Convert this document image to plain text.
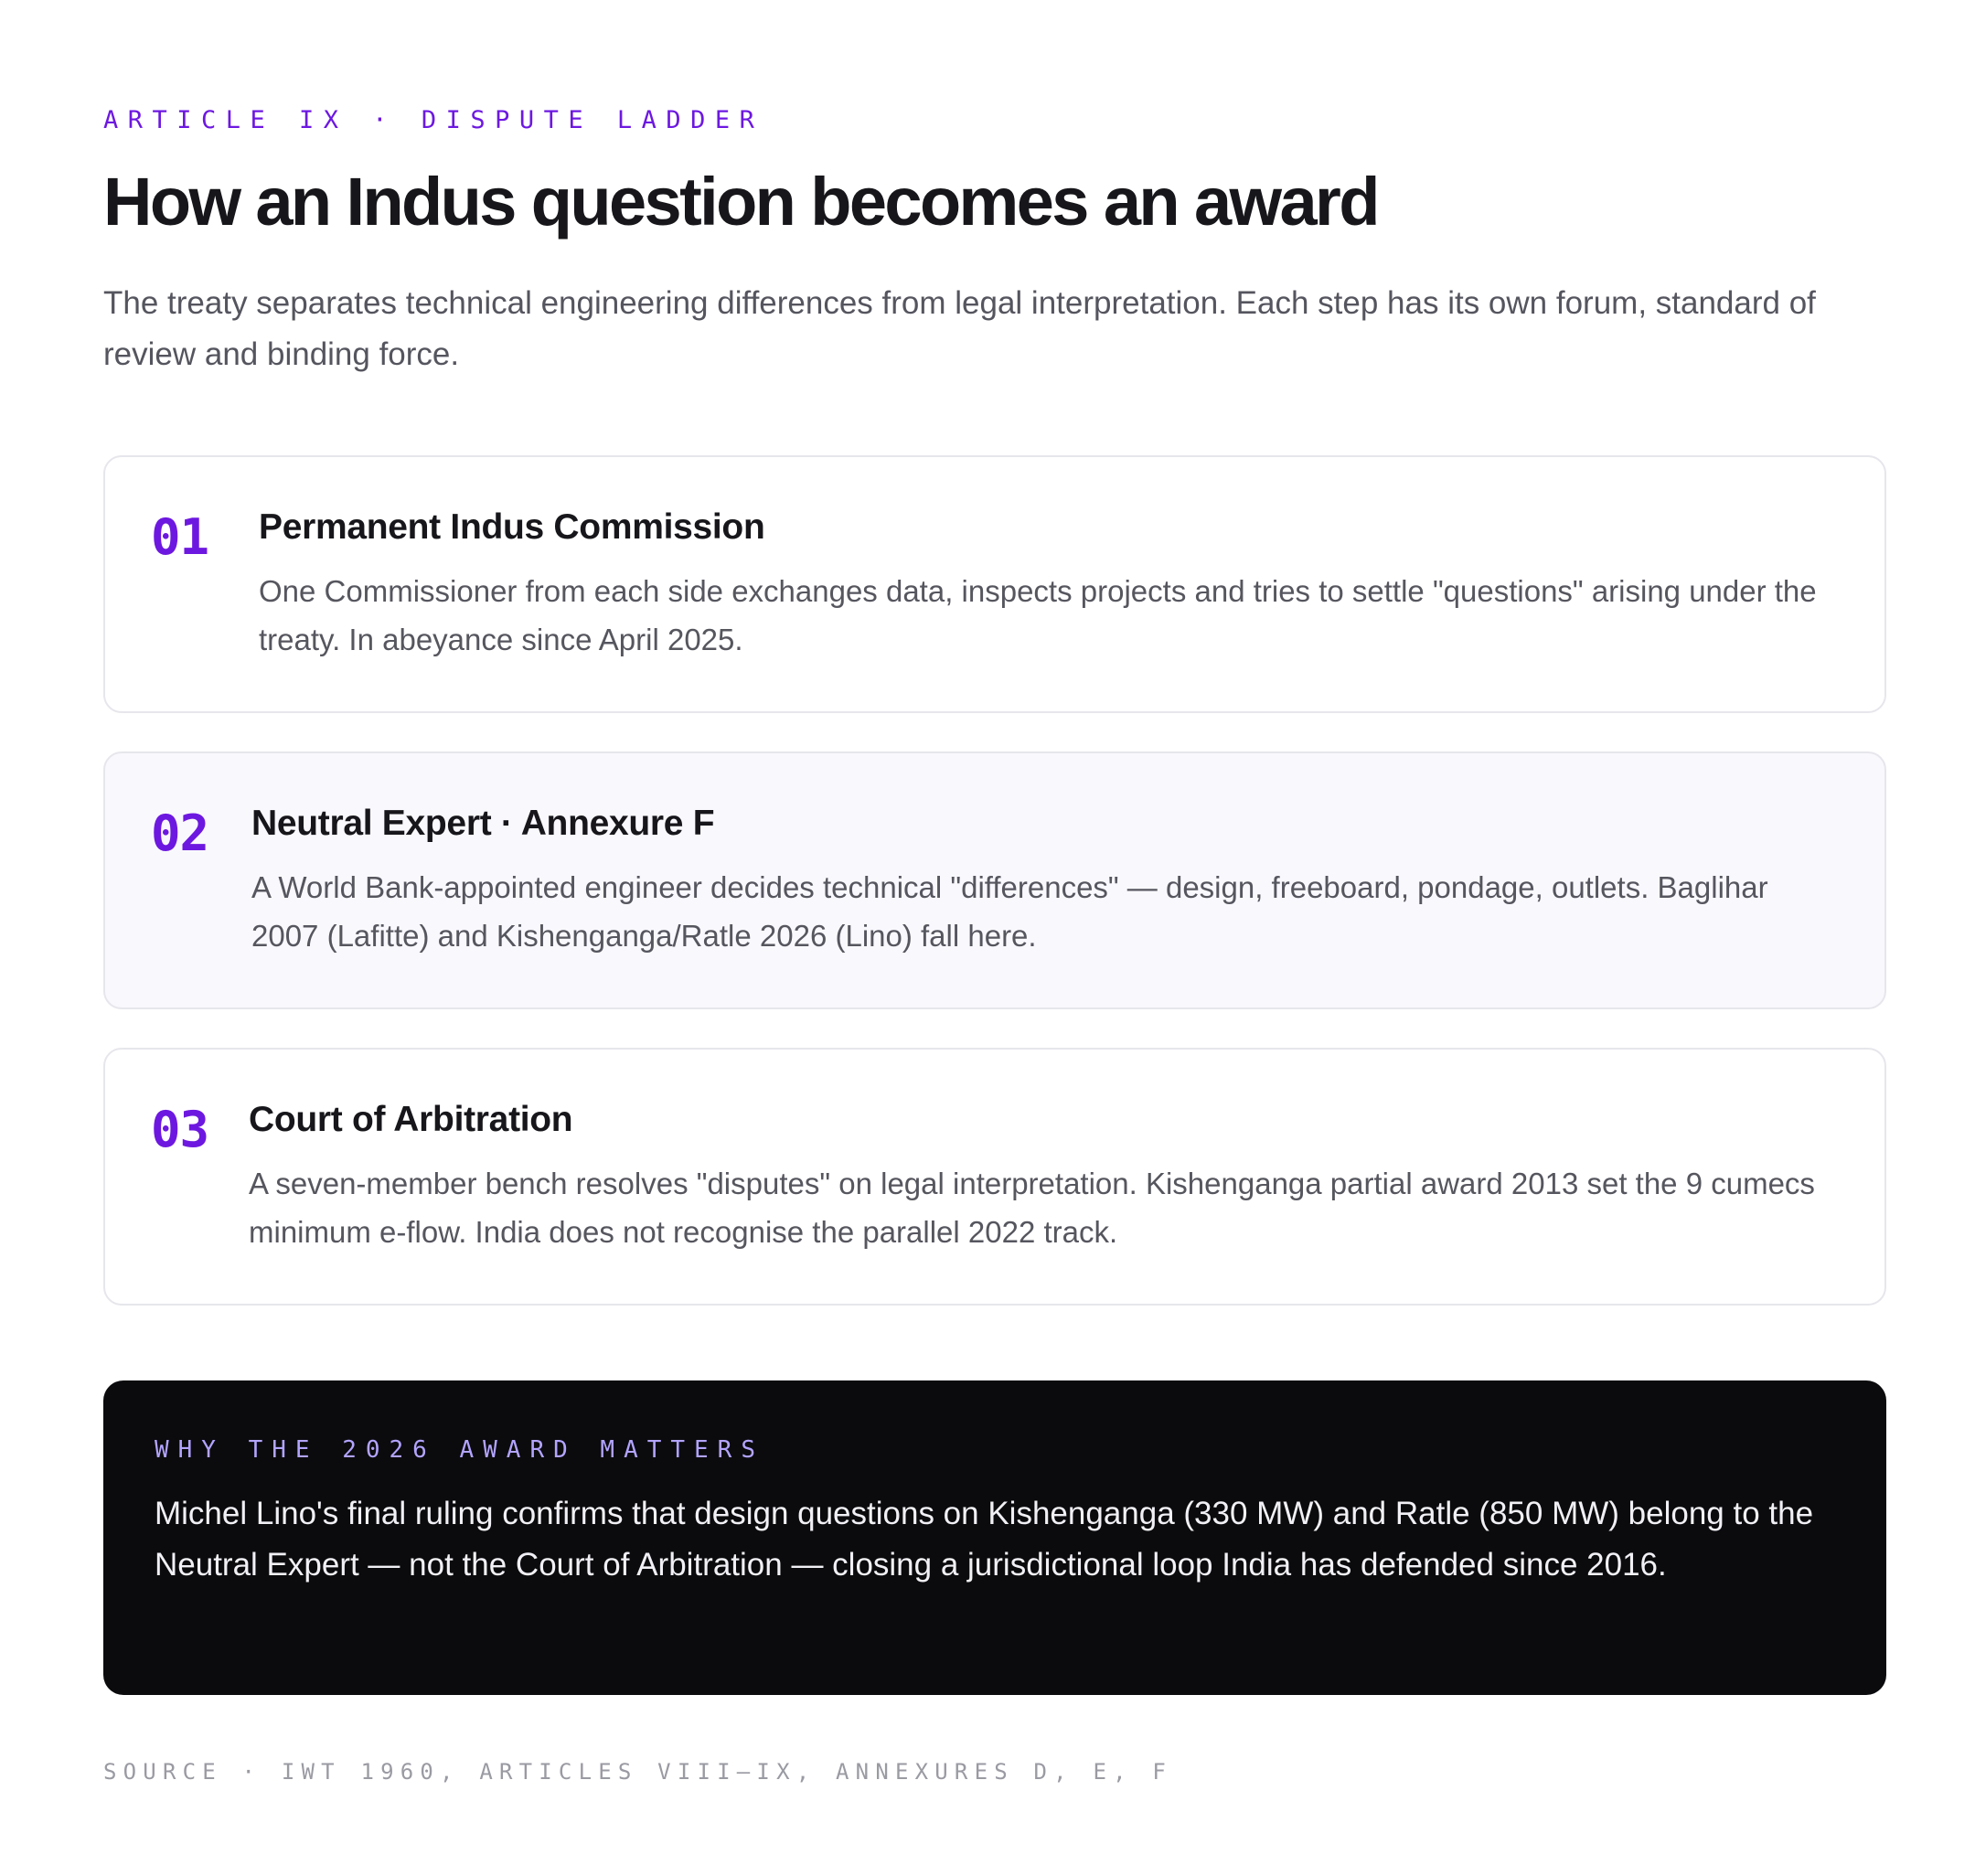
ARTICLE IX · DISPUTE LADDER
How an Indus question becomes an award

The treaty separates technical engineering differences from legal interpretation. Each step has its own forum, standard of review and binding force.

01 Permanent Indus Commission

One Commissioner from each side exchanges data, inspects projects and tries to settle "questions" arising under the treaty. In abeyance since April 2025.

02 Neutral Expert · Annexure F

A World Bank-appointed engineer decides technical "differences" — design, freeboard, pondage, outlets. Baglihar 2007 (Lafitte) and Kishenganga/Ratle 2026 (Lino) fall here.

03 Court of Arbitration

A seven-member bench resolves "disputes" on legal interpretation. Kishenganga partial award 2013 set the 9 cumecs minimum e-flow. India does not recognise the parallel 2022 track.

WHY THE 2026 AWARD MATTERS

Michel Lino's final ruling confirms that design questions on Kishenganga (330 MW) and Ratle (850 MW) belong to the Neutral Expert — not the Court of Arbitration — closing a jurisdictional loop India has defended since 2016.

SOURCE · IWT 1960, ARTICLES VIII–IX, ANNEXURES D, E, F
